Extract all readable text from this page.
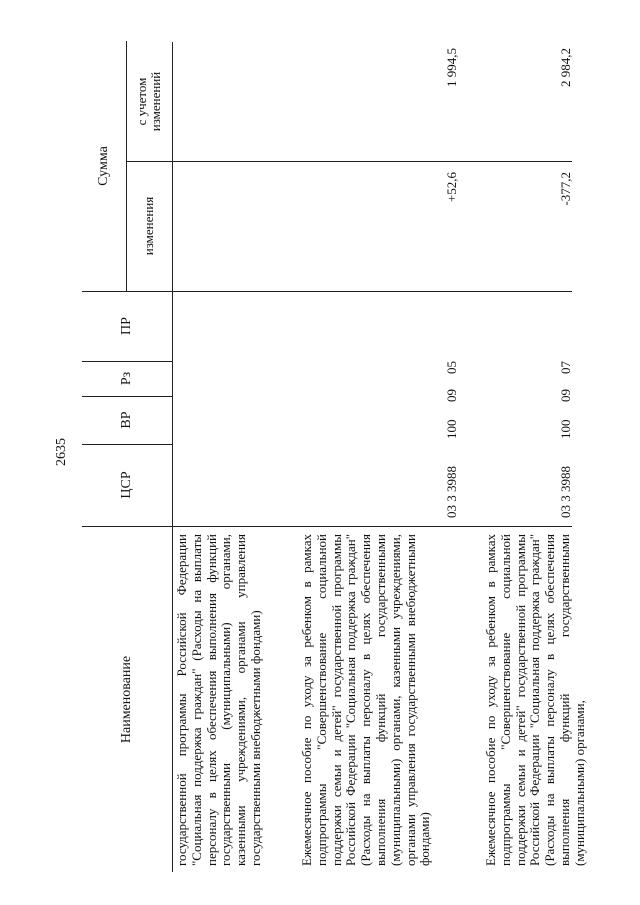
2635
Наименование
ЦСР
ВР
Рз
ПР
Сумма
изменения
с учетом изменений
государственной программы Российской Федерации "Социальная поддержка граждан" (Расходы на выплаты персоналу в целях обеспечения выполнения функций государственными (муниципальными) органами, казенными учреждениями, органами управления государственными внебюджетными фондами)	Ежемесячное пособие по уходу за ребенком в рамках подпрограммы "Совершенствование социальной поддержки семьи и детей" государственной программы Российской Федерации "Социальная поддержка граждан" (Расходы на выплаты персоналу в целях обеспечения выполнения функций государственными (муниципальными) органами, казенными учреждениями, органами управления государственными внебюджетными фондами)
03 3 3988
100
09
05
+52,6
1 994,5
Ежемесячное пособие по уходу за ребенком в рамках подпрограммы "Совершенствование социальной поддержки семьи и детей" государственной программы Российской Федерации "Социальная поддержка граждан" (Расходы на выплаты персоналу в целях обеспечения выполнения функций государственными (муниципальными) органами,
03 3 3988
100
09
07
-377,2
2 984,2
